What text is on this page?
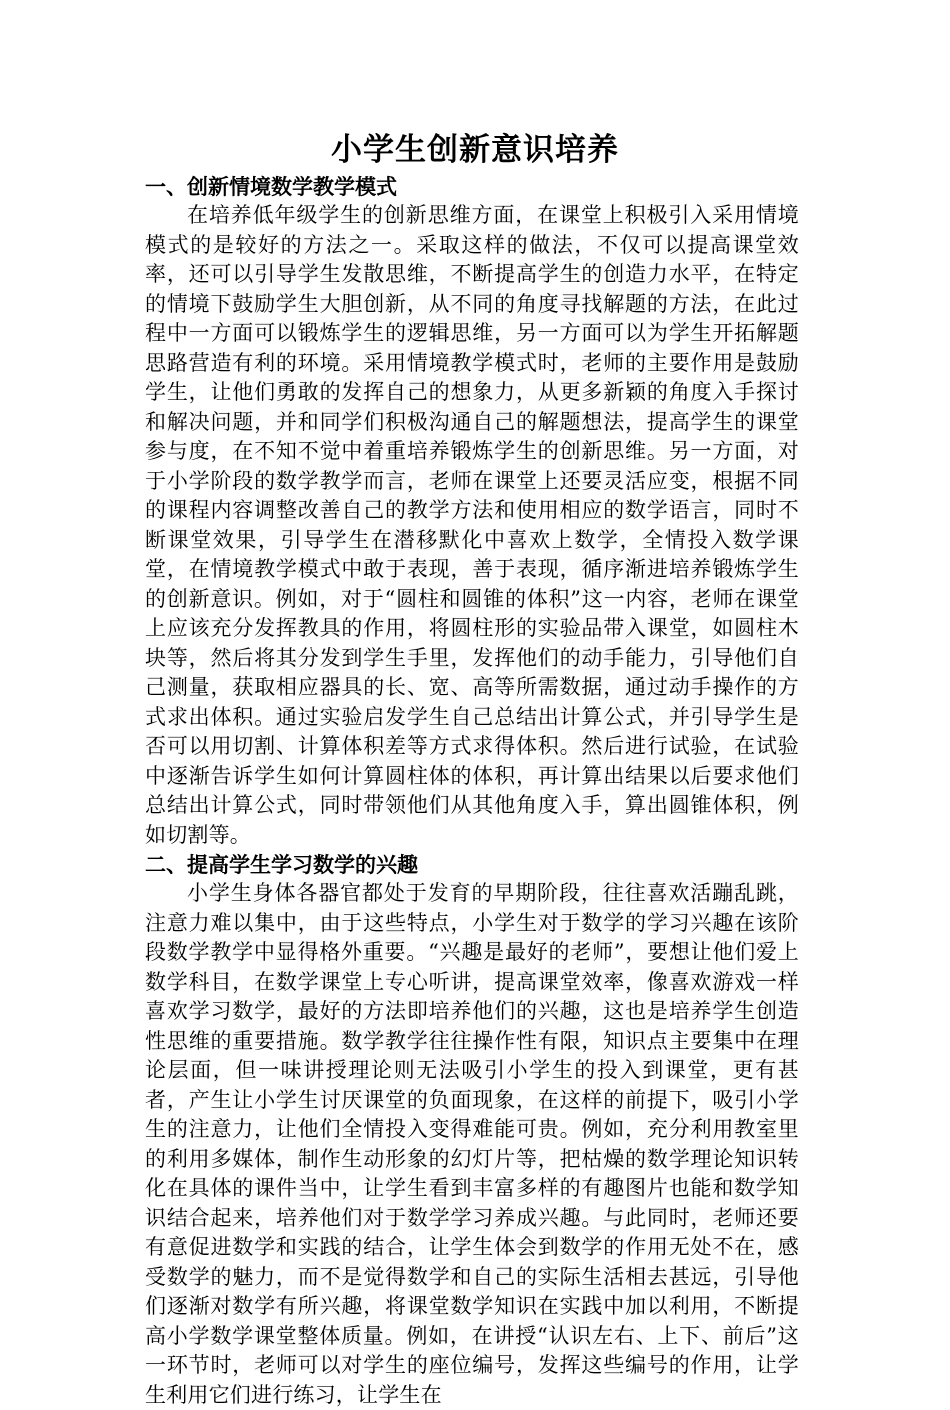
小学生创新意识培养
一、创新情境数学教学模式

在培养低年级学生的创新思维方面，在课堂上积极引入采用情境模式的是较好的方法之一。采取这样的做法，不仅可以提高课堂效率，还可以引导学生发散思维，不断提高学生的创造力水平，在特定的情境下鼓励学生大胆创新，从不同的角度寻找解题的方法，在此过程中一方面可以锻炼学生的逻辑思维，另一方面可以为学生开拓解题思路营造有利的环境。采用情境教学模式时，老师的主要作用是鼓励学生，让他们勇敢的发挥自己的想象力，从更多新颖的角度入手探讨和解决问题，并和同学们积极沟通自己的解题想法，提高学生的课堂参与度，在不知不觉中着重培养锻炼学生的创新思维。另一方面，对于小学阶段的数学教学而言，老师在课堂上还要灵活应变，根据不同的课程内容调整改善自己的教学方法和使用相应的数学语言，同时不断课堂效果，引导学生在潜移默化中喜欢上数学，全情投入数学课堂，在情境教学模式中敢于表现，善于表现，循序渐进培养锻炼学生的创新意识。例如，对于“圆柱和圆锥的体积”这一内容，老师在课堂上应该充分发挥教具的作用，将圆柱形的实验品带入课堂，如圆柱木块等，然后将其分发到学生手里，发挥他们的动手能力，引导他们自己测量，获取相应器具的长、宽、高等所需数据，通过动手操作的方式求出体积。通过实验启发学生自己总结出计算公式，并引导学生是否可以用切割、计算体积差等方式求得体积。然后进行试验，在试验中逐渐告诉学生如何计算圆柱体的体积，再计算出结果以后要求他们总结出计算公式，同时带领他们从其他角度入手，算出圆锥体积，例如切割等。

二、提高学生学习数学的兴趣

小学生身体各器官都处于发育的早期阶段，往往喜欢活蹦乱跳，注意力难以集中，由于这些特点，小学生对于数学的学习兴趣在该阶段数学教学中显得格外重要。“兴趣是最好的老师”，要想让他们爱上数学科目，在数学课堂上专心听讲，提高课堂效率，像喜欢游戏一样喜欢学习数学，最好的方法即培养他们的兴趣，这也是培养学生创造性思维的重要措施。数学教学往往操作性有限，知识点主要集中在理论层面，但一味讲授理论则无法吸引小学生的投入到课堂，更有甚者，产生让小学生讨厌课堂的负面现象，在这样的前提下，吸引小学生的注意力，让他们全情投入变得难能可贵。例如，充分利用教室里的利用多媒体，制作生动形象的幻灯片等，把枯燥的数学理论知识转化在具体的课件当中，让学生看到丰富多样的有趣图片也能和数学知识结合起来，培养他们对于数学学习养成兴趣。与此同时，老师还要有意促进数学和实践的结合，让学生体会到数学的作用无处不在，感受数学的魅力，而不是觉得数学和自己的实际生活相去甚远，引导他们逐渐对数学有所兴趣，将课堂数学知识在实践中加以利用，不断提高小学数学课堂整体质量。例如，在讲授“认识左右、上下、前后”这一环节时，老师可以对学生的座位编号，发挥这些编号的作用，让学生利用它们进行练习，让学生在
